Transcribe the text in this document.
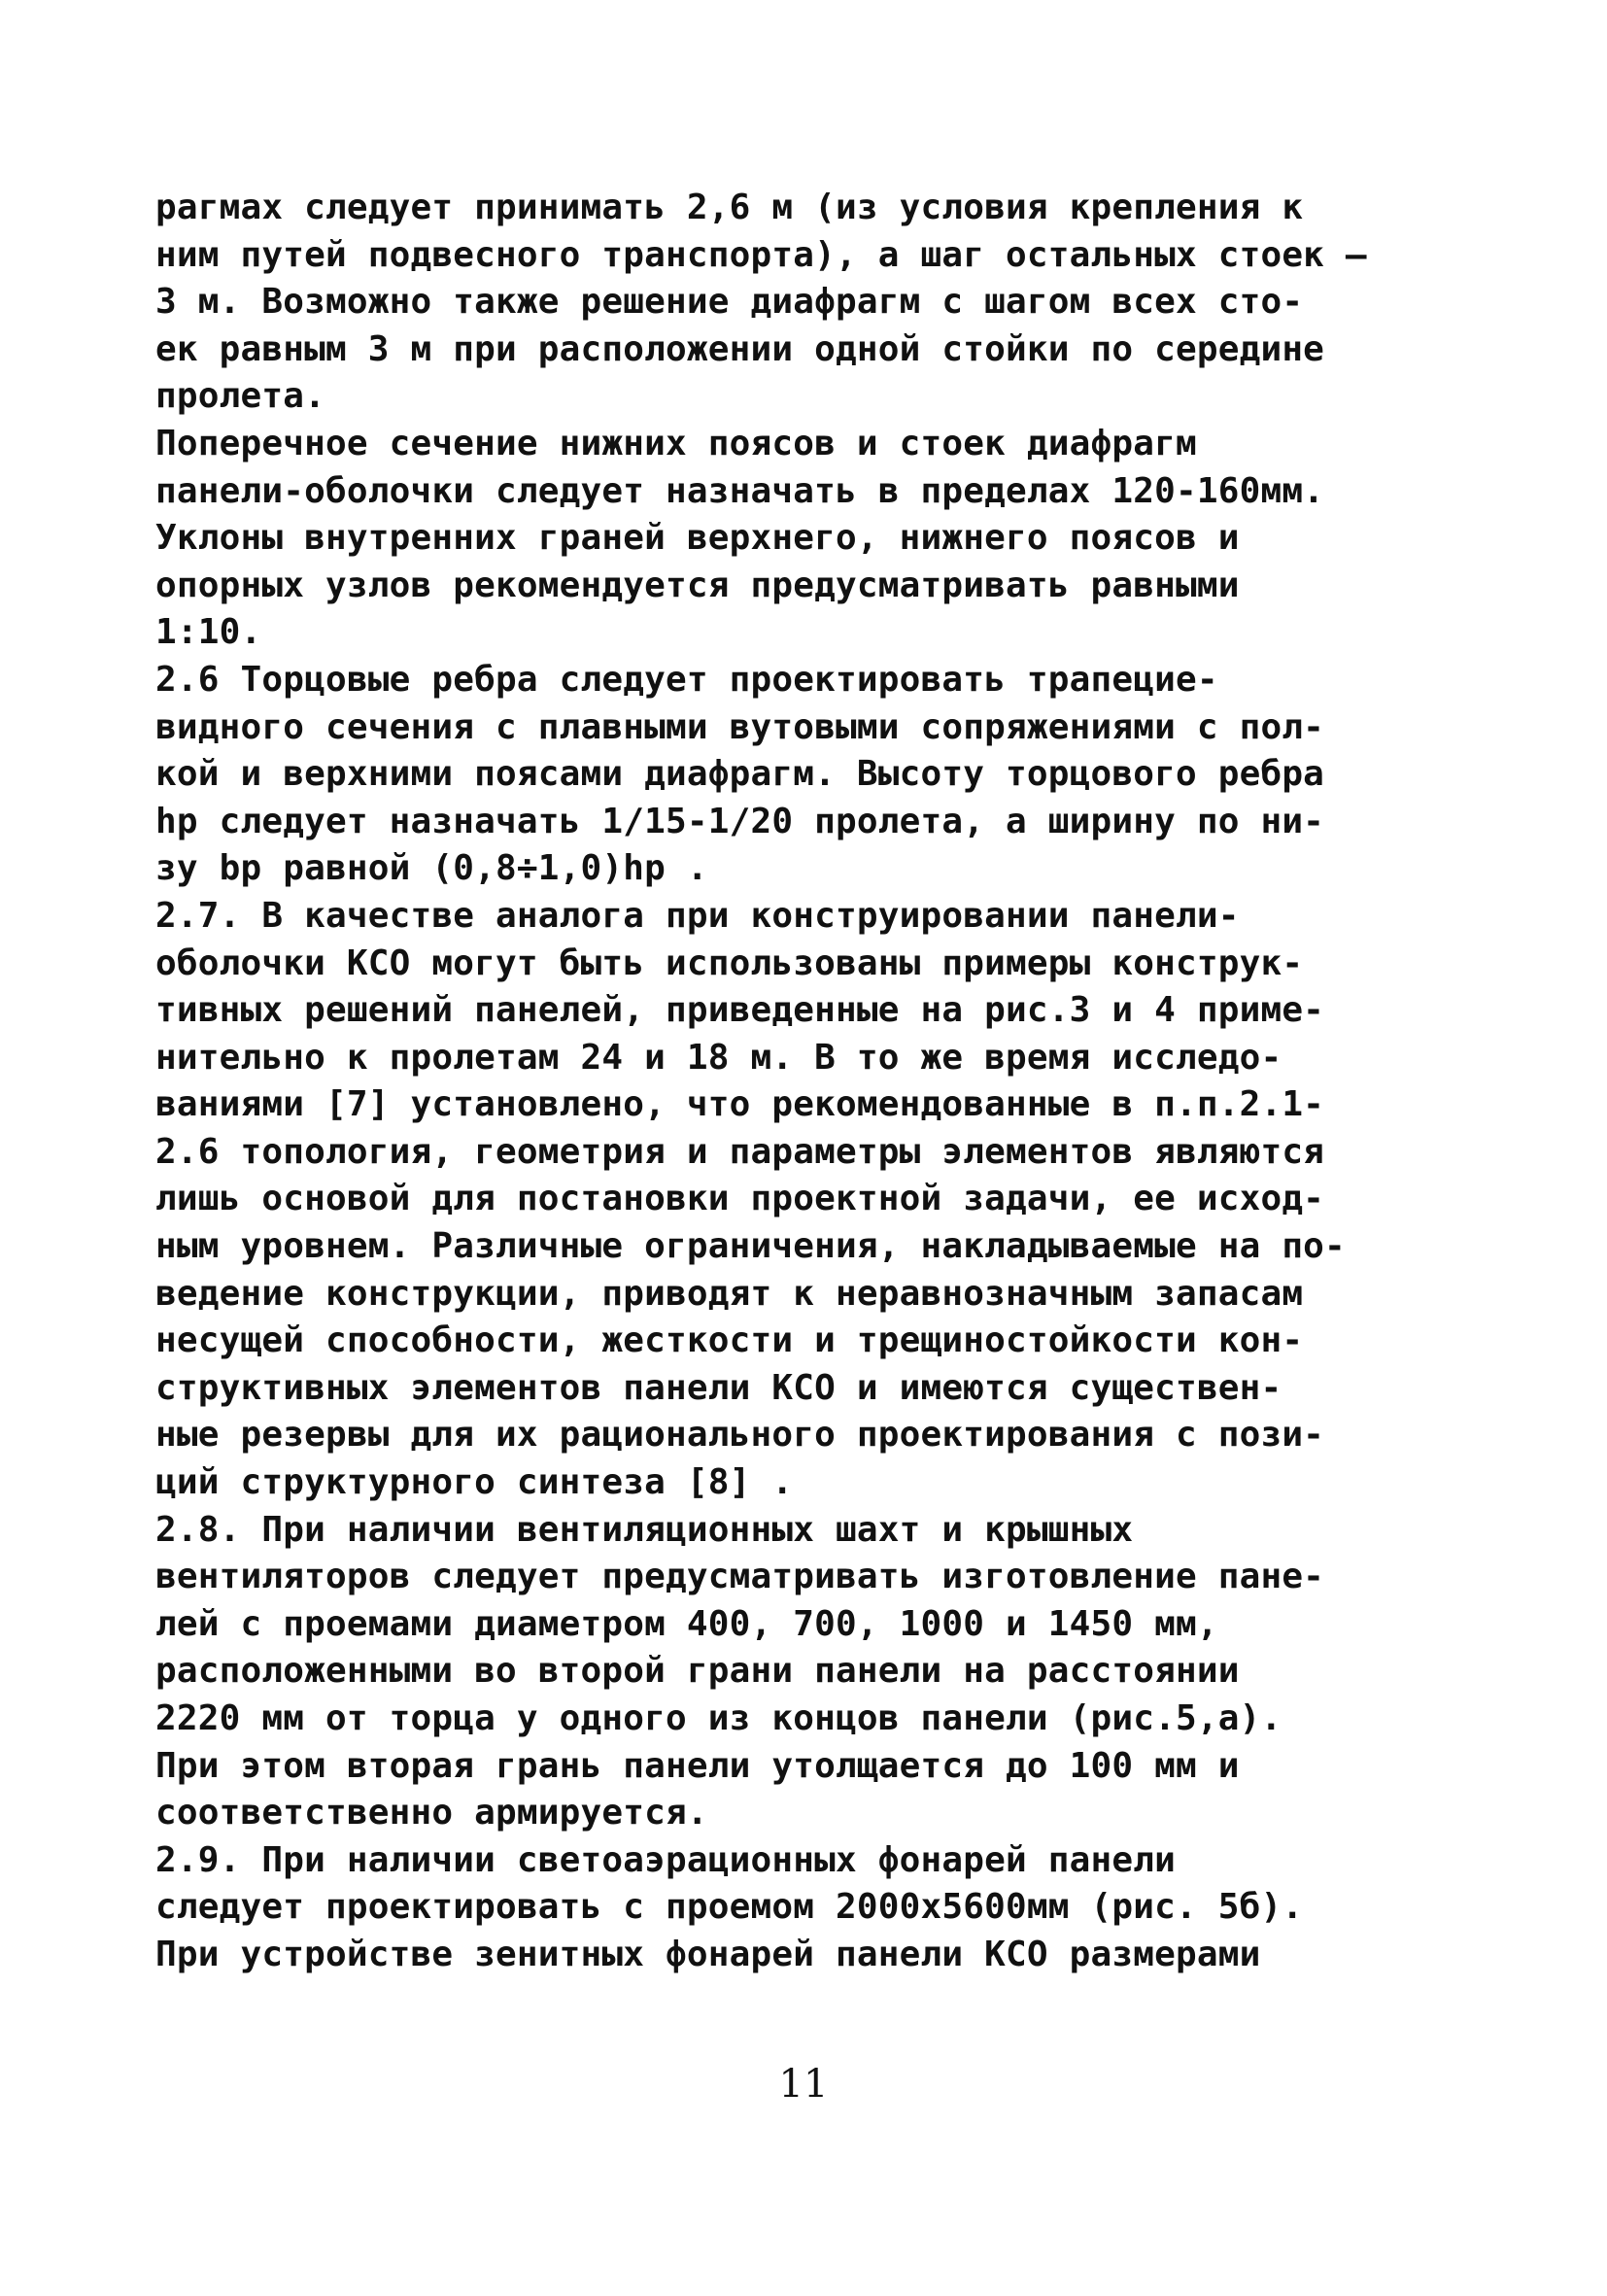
рагмах следует принимать 2,6 м (из условия крепления к
ним путей подвесного транспорта), а шаг остальных стоек –
3 м. Возможно также решение диафрагм с шагом всех сто-
ек равным 3 м при расположении одной стойки по середине
пролета.
Поперечное сечение нижних поясов и стоек диафрагм
панели-оболочки следует назначать в пределах 120-160мм.
Уклоны внутренних граней верхнего, нижнего поясов и
опорных узлов рекомендуется предусматривать равными
1:10.
2.6 Торцовые ребра следует проектировать трапецие-
видного сечения с плавными вутовыми сопряжениями с пол-
кой и верхними поясами диафрагм. Высоту торцового ребра
hр следует назначать 1/15-1/20 пролета, а ширину по ни-
зу bр равной (0,8÷1,0)hр .
2.7. В качестве аналога при конструировании панели-
оболочки КСО могут быть использованы примеры конструк-
тивных решений панелей, приведенные на рис.3 и 4 приме-
нительно к пролетам 24 и 18 м. В то же время исследо-
ваниями [7] установлено, что рекомендованные в п.п.2.1-
2.6 топология, геометрия и параметры элементов являются
лишь основой для постановки проектной задачи, ее исход-
ным уровнем. Различные ограничения, накладываемые на по-
ведение конструкции, приводят к неравнозначным запасам
несущей способности, жесткости и трещиностойкости кон-
структивных элементов панели КСО и имеются существен-
ные резервы для их рационального проектирования с пози-
ций структурного синтеза [8] .
2.8. При наличии вентиляционных шахт и крышных
вентиляторов следует предусматривать изготовление пане-
лей с проемами диаметром 400, 700, 1000 и 1450 мм,
расположенными во второй грани панели на расстоянии
2220 мм от торца у одного из концов панели (рис.5,а).
При этом вторая грань панели утолщается до 100 мм и
соответственно армируется.
2.9. При наличии светоаэрационных фонарей панели
следует проектировать с проемом 2000х5600мм (рис. 5б).
При устройстве зенитных фонарей панели КСО размерами
11
